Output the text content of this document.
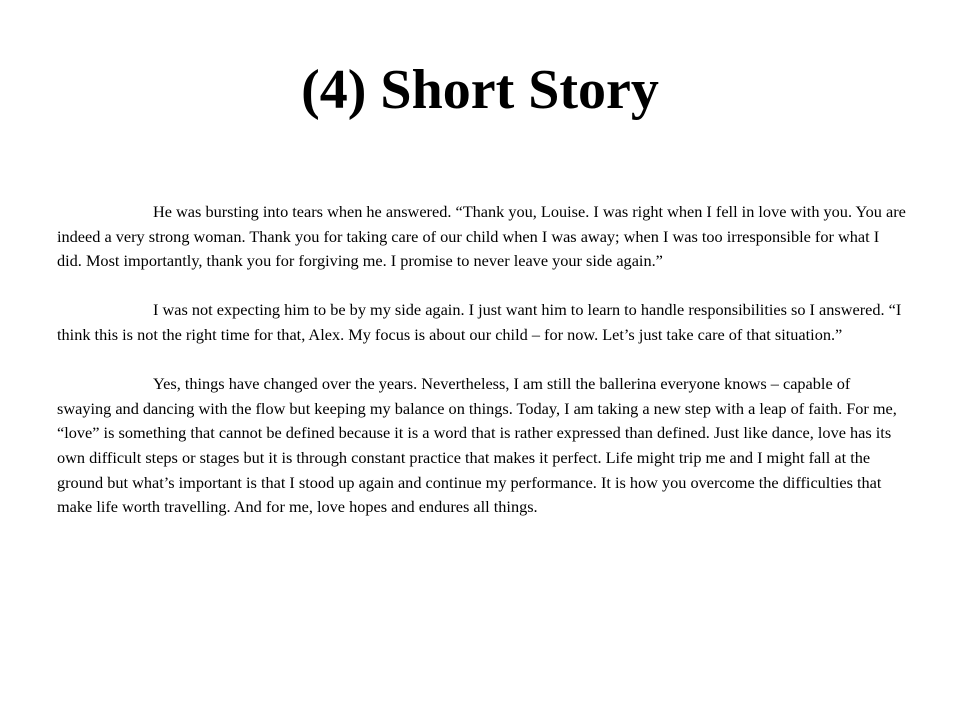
(4) Short Story

He was bursting into tears when he answered. “Thank you, Louise. I was right when I fell in love with you. You are indeed a very strong woman. Thank you for taking care of our child when I was away; when I was too irresponsible for what I did. Most importantly, thank you for forgiving me. I promise to never leave your side again.”

I was not expecting him to be by my side again. I just want him to learn to handle responsibilities so I answered. “I think this is not the right time for that, Alex. My focus is about our child – for now. Let’s just take care of that situation.”

Yes, things have changed over the years. Nevertheless, I am still the ballerina everyone knows – capable of swaying and dancing with the flow but keeping my balance on things. Today, I am taking a new step with a leap of faith. For me, “love” is something that cannot be defined because it is a word that is rather expressed than defined. Just like dance, love has its own difficult steps or stages but it is through constant practice that makes it perfect. Life might trip me and I might fall at the ground but what’s important is that I stood up again and continue my performance. It is how you overcome the difficulties that make life worth travelling. And for me, love hopes and endures all things.
